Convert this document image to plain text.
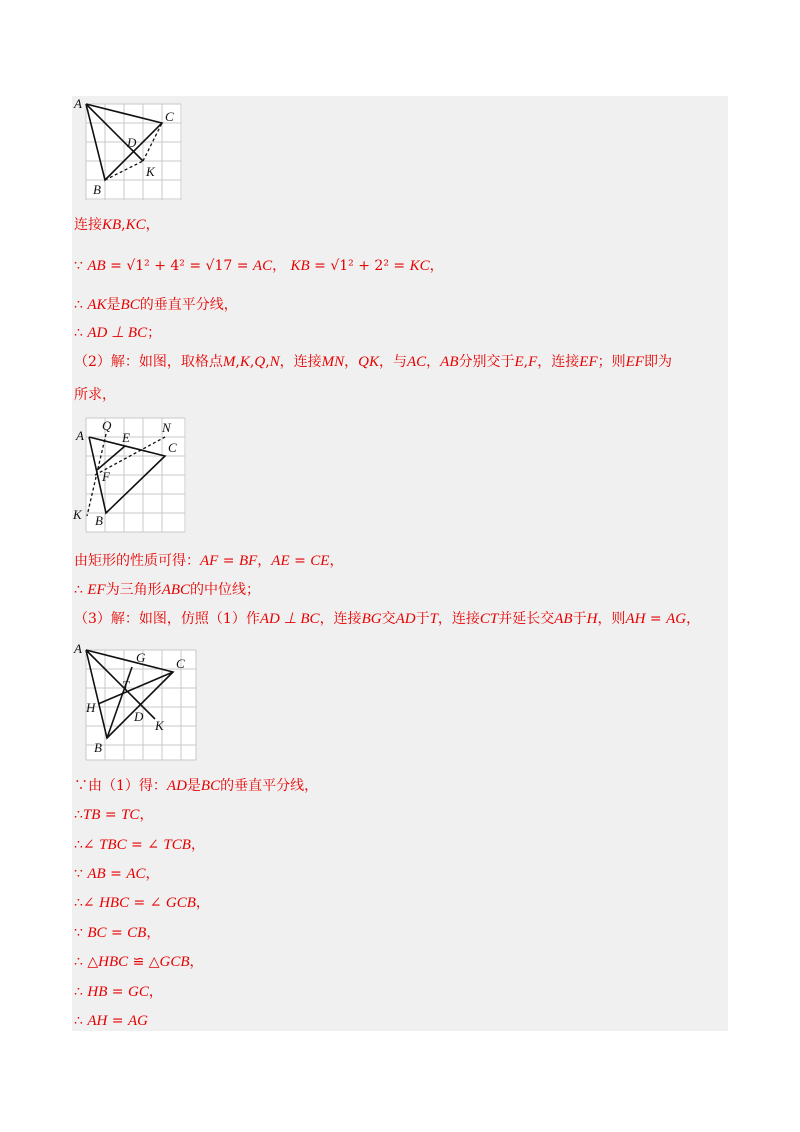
A
C
D
B
K
A
Q
E
N
C
F
K B
A
G C
T
H
D
K
B
连接KB,KC，
∵ AB = √1² + 4² = √17 = AC， KB = √1² + 2² = KC，
∴ AK是BC的垂直平分线，
∴ AD ⊥ BC；
（2）解：如图，取格点M,K,Q,N，连接MN，QK，与AC，AB分别交于E,F，连接EF；则EF即为
所求，
由矩形的性质可得：AF = BF，AE = CE，
∴ EF为三角形ABC的中位线；
（3）解：如图，仿照（1）作AD ⊥ BC，连接BG交AD于T，连接CT并延长交AB于H，则AH = AG，
∵由（1）得：AD是BC的垂直平分线，
∴TB = TC，
∴∠ TBC = ∠ TCB，
∵ AB = AC，
∴∠ HBC = ∠ GCB，
∵ BC = CB，
∴ △HBC ≌ △GCB，
∴ HB = GC，
∴ AH = AG
